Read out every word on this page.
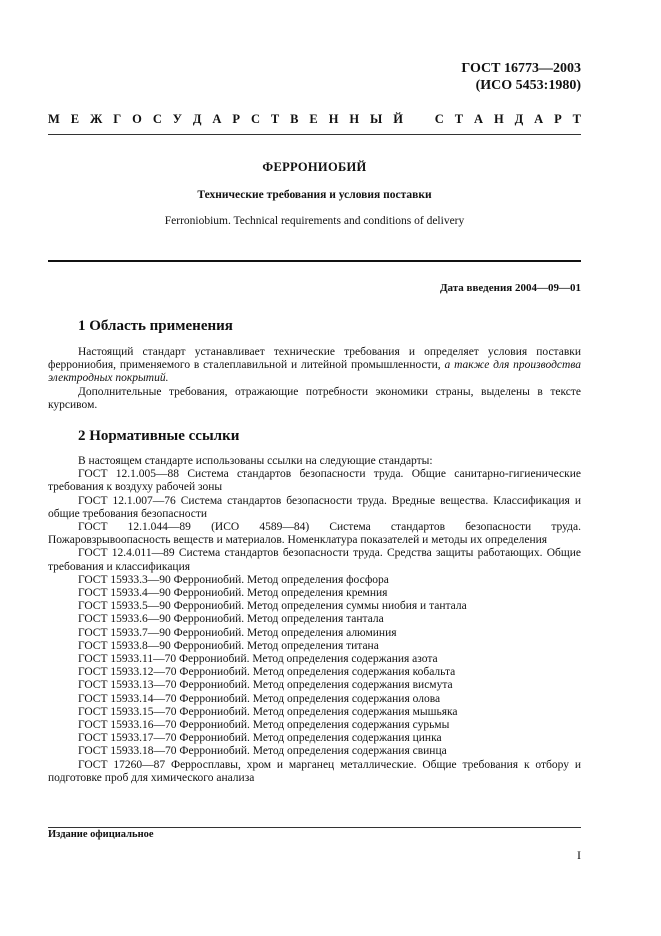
ГОСТ 16773—2003
(ИСО 5453:1980)
М Е Ж Г О С У Д А Р С Т В Е Н Н Ы Й	С Т А Н Д А Р Т
ФЕРРОНИОБИЙ
Технические требования и условия поставки
Ferroniobium. Technical requirements and conditions of delivery
Дата введения 2004—09—01
1 Область применения

Настоящий стандарт устанавливает технические требования и определяет условия поставки феррониобия, применяемого в сталеплавильной и литейной промышленности, а также для производства электродных покрытий.

Дополнительные требования, отражающие потребности экономики страны, выделены в тексте курсивом.

2 Нормативные ссылки
В настоящем стандарте использованы ссылки на следующие стандарты:
ГОСТ 12.1.005—88 Система стандартов безопасности труда. Общие санитарно-гигиенические требования к воздуху рабочей зоны
ГОСТ 12.1.007—76 Система стандартов безопасности труда. Вредные вещества. Классификация и общие требования безопасности
ГОСТ 12.1.044—89 (ИСО 4589—84) Система стандартов безопасности труда. Пожаровзрывоопасность веществ и материалов. Номенклатура показателей и методы их определения
ГОСТ 12.4.011—89 Система стандартов безопасности труда. Средства защиты работающих. Общие требования и классификация
ГОСТ 15933.3—90 Феррониобий. Метод определения фосфора
ГОСТ 15933.4—90 Феррониобий. Метод определения кремния
ГОСТ 15933.5—90 Феррониобий. Метод определения суммы ниобия и тантала
ГОСТ 15933.6—90 Феррониобий. Метод определения тантала
ГОСТ 15933.7—90 Феррониобий. Метод определения алюминия
ГОСТ 15933.8—90 Феррониобий. Метод определения титана
ГОСТ 15933.11—70 Феррониобий. Метод определения содержания азота
ГОСТ 15933.12—70 Феррониобий. Метод определения содержания кобальта
ГОСТ 15933.13—70 Феррониобий. Метод определения содержания висмута
ГОСТ 15933.14—70 Феррониобий. Метод определения содержания олова
ГОСТ 15933.15—70 Феррониобий. Метод определения содержания мышьяка
ГОСТ 15933.16—70 Феррониобий. Метод определения содержания сурьмы
ГОСТ 15933.17—70 Феррониобий. Метод определения содержания цинка
ГОСТ 15933.18—70 Феррониобий. Метод определения содержания свинца
ГОСТ 17260—87 Ферросплавы, хром и марганец металлические. Общие требования к отбору и подготовке проб для химического анализа
Издание официальное
I
